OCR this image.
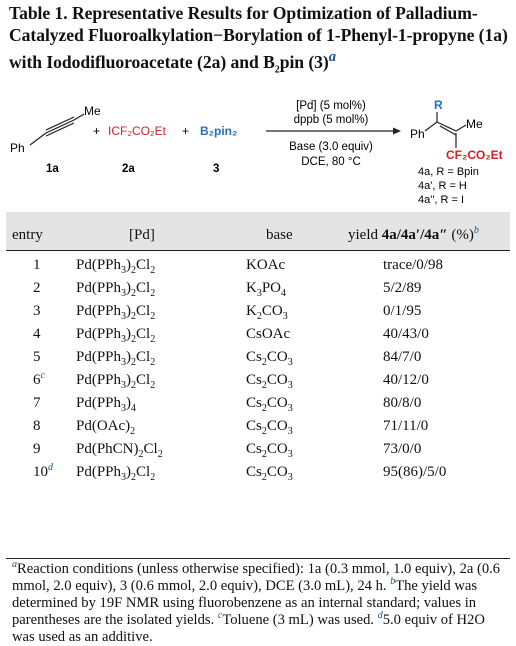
Table 1. Representative Results for Optimization of Palladium-Catalyzed Fluoroalkylation−Borylation of 1-Phenyl-1-propyne (1a) with Iododifluoroacetate (2a) and $B_2pin$ (3)$^a$
Me
Ph
1a
+ ICF₂CO₂Et
2a
+ B₂pin₂
3
[Pd] (5 mol%)
dppb (5 mol%)
Base (3.0 equiv)
DCE, 80 °C
R
Ph
Me
CF₂CO₂Et
4a, R = Bpin
4a', R = H
4a'', R = I
entry	[Pd]	base	yield 4a/4a′/4a″ (%)$^b$
1 $Pd(PPh_3)_2Cl_2$	KOAc	trace/0/98
2 $Pd(PPh_3)_2Cl_2$	$K_3PO_4$	5/2/89
3 $Pd(PPh_3)_2Cl_2$	$K_2CO_3$	0/1/95
4 $Pd(PPh_3)_2Cl_2$	CsOAc	40/43/0
5 $Pd(PPh_3)_2Cl_2$	$Cs_2CO_3$	84/7/0
6$^c$ $Pd(PPh_3)_2Cl_2$	$Cs_2CO_3$	40/12/0
7 $Pd(PPh_3)_4$	$Cs_2CO_3$	80/8/0
8 $Pd(OAc)_2$	$Cs_2CO_3$	71/11/0
9 $Pd(PhCN)_2Cl_2$	$Cs_2CO_3$	73/0/0
10$^d$ $Pd(PPh_3)_2Cl_2$	$Cs_2CO_3$	95(86)/5/0
$^a$Reaction conditions (unless otherwise specified): 1a (0.3 mmol, 1.0 equiv), 2a (0.6 mmol, 2.0 equiv), 3 (0.6 mmol, 2.0 equiv), DCE (3.0 mL), 24 h. $^b$The yield was determined by 19F NMR using fluorobenzene as an internal standard; values in parentheses are the isolated yields. $^c$Toluene (3 mL) was used. $^d$5.0 equiv of H2O was used as an additive.
